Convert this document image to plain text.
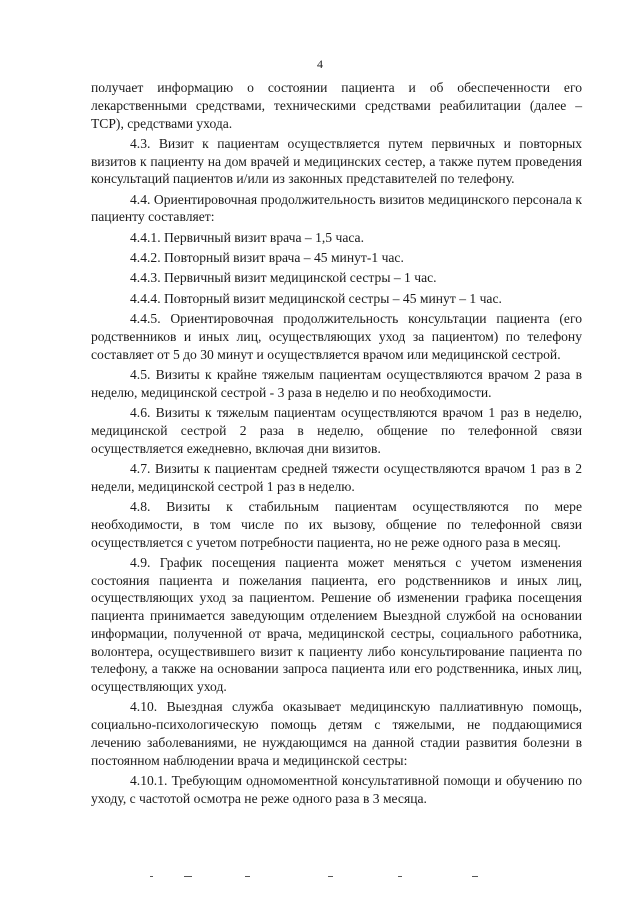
4

получает информацию о состоянии пациента и об обеспеченности его лекарственными средствами, техническими средствами реабилитации (далее – ТСР), средствами ухода.

4.3. Визит к пациентам осуществляется путем первичных и повторных визитов к пациенту на дом врачей и медицинских сестер, а также путем проведения консультаций пациентов и/или из законных представителей по телефону.

4.4. Ориентировочная продолжительность визитов медицинского персонала к пациенту составляет:

4.4.1. Первичный визит врача – 1,5 часа.

4.4.2. Повторный визит врача – 45 минут-1 час.

4.4.3. Первичный визит медицинской сестры – 1 час.

4.4.4. Повторный визит медицинской сестры – 45 минут – 1 час.

4.4.5. Ориентировочная продолжительность консультации пациента (его родственников и иных лиц, осуществляющих уход за пациентом) по телефону составляет от 5 до 30 минут и осуществляется врачом или медицинской сестрой.

4.5. Визиты к крайне тяжелым пациентам осуществляются врачом 2 раза в неделю, медицинской сестрой - 3 раза в неделю и по необходимости.

4.6. Визиты к тяжелым пациентам осуществляются врачом 1 раз в неделю, медицинской сестрой 2 раза в неделю, общение по телефонной связи осуществляется ежедневно, включая дни визитов.

4.7. Визиты к пациентам средней тяжести осуществляются врачом 1 раз в 2 недели, медицинской сестрой 1 раз в неделю.

4.8. Визиты к стабильным пациентам осуществляются по мере необходимости, в том числе по их вызову, общение по телефонной связи осуществляется с учетом потребности пациента, но не реже одного раза в месяц.

4.9. График посещения пациента может меняться с учетом изменения состояния пациента и пожелания пациента, его родственников и иных лиц, осуществляющих уход за пациентом. Решение об изменении графика посещения пациента принимается заведующим отделением Выездной службой на основании информации, полученной от врача, медицинской сестры, социального работника, волонтера, осуществившего визит к пациенту либо консультирование пациента по телефону, а также на основании запроса пациента или его родственника, иных лиц, осуществляющих уход.

4.10. Выездная служба оказывает медицинскую паллиативную помощь, социально-психологическую помощь детям с тяжелыми, не поддающимися лечению заболеваниями, не нуждающимся на данной стадии развития болезни в постоянном наблюдении врача и медицинской сестры:

4.10.1. Требующим одномоментной консультативной помощи и обучению по уходу, с частотой осмотра не реже одного раза в 3 месяца.
